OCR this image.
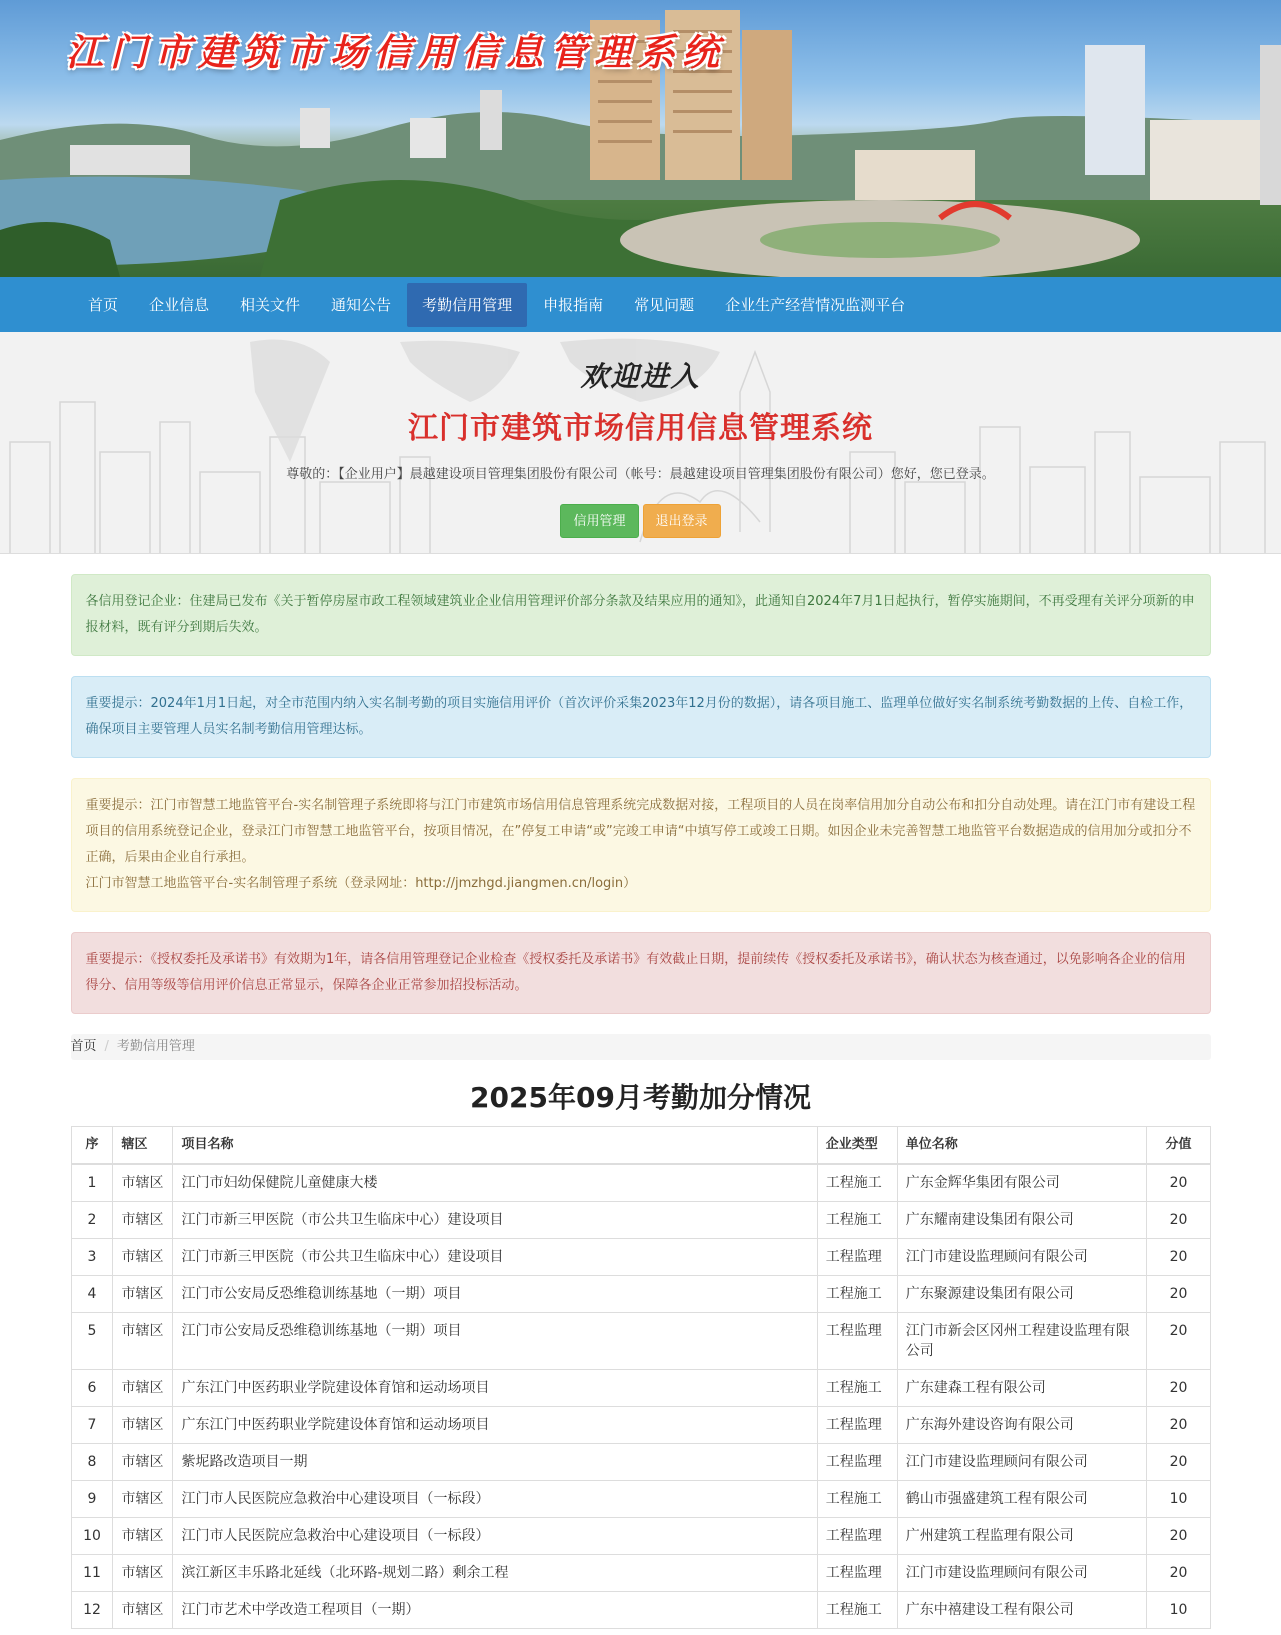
江门市建筑市场信用信息管理系统
首页	企业信息	相关文件	通知公告	考勤信用管理	申报指南	常见问题	企业生产经营情况监测平台
欢迎进入
江门市建筑市场信用信息管理系统
尊敬的：【企业用户】晨越建设项目管理集团股份有限公司（帐号：晨越建设项目管理集团股份有限公司）您好，您已登录。
信用管理	退出登录
各信用登记企业：住建局已发布《关于暂停房屋市政工程领域建筑业企业信用管理评价部分条款及结果应用的通知》，此通知自2024年7月1日起执行，暂停实施期间，不再受理有关评分项新的申报材料，既有评分到期后失效。
重要提示：2024年1月1日起，对全市范围内纳入实名制考勤的项目实施信用评价（首次评价采集2023年12月份的数据），请各项目施工、监理单位做好实名制系统考勤数据的上传、自检工作，确保项目主要管理人员实名制考勤信用管理达标。
重要提示：江门市智慧工地监管平台-实名制管理子系统即将与江门市建筑市场信用信息管理系统完成数据对接，工程项目的人员在岗率信用加分自动公布和扣分自动处理。请在江门市有建设工程项目的信用系统登记企业，登录江门市智慧工地监管平台，按项目情况，在”停复工申请“或”完竣工申请“中填写停工或竣工日期。如因企业未完善智慧工地监管平台数据造成的信用加分或扣分不正确，后果由企业自行承担。
江门市智慧工地监管平台-实名制管理子系统（登录网址：http://jmzhgd.jiangmen.cn/login）
重要提示：《授权委托及承诺书》有效期为1年，请各信用管理登记企业检查《授权委托及承诺书》有效截止日期，提前续传《授权委托及承诺书》，确认状态为核查通过，以免影响各企业的信用得分、信用等级等信用评价信息正常显示，保障各企业正常参加招投标活动。
首页 / 考勤信用管理
2025年09月考勤加分情况
序	辖区	项目名称	企业类型	单位名称	分值
1	市辖区	江门市妇幼保健院儿童健康大楼	工程施工	广东金辉华集团有限公司	20
2	市辖区	江门市新三甲医院（市公共卫生临床中心）建设项目	工程施工	广东耀南建设集团有限公司	20
3	市辖区	江门市新三甲医院（市公共卫生临床中心）建设项目	工程监理	江门市建设监理顾问有限公司	20
4	市辖区	江门市公安局反恐维稳训练基地（一期）项目	工程施工	广东聚源建设集团有限公司	20
5	市辖区	江门市公安局反恐维稳训练基地（一期）项目	工程监理	江门市新会区冈州工程建设监理有限公司	20
6	市辖区	广东江门中医药职业学院建设体育馆和运动场项目	工程施工	广东建森工程有限公司	20
7	市辖区	广东江门中医药职业学院建设体育馆和运动场项目	工程监理	广东海外建设咨询有限公司	20
8	市辖区	紫坭路改造项目一期	工程监理	江门市建设监理顾问有限公司	20
9	市辖区	江门市人民医院应急救治中心建设项目（一标段）	工程施工	鹤山市强盛建筑工程有限公司	10
10	市辖区	江门市人民医院应急救治中心建设项目（一标段）	工程监理	广州建筑工程监理有限公司	20
11	市辖区	滨江新区丰乐路北延线（北环路-规划二路）剩余工程	工程监理	江门市建设监理顾问有限公司	20
12	市辖区	江门市艺术中学改造工程项目（一期）	工程施工	广东中禧建设工程有限公司	10
